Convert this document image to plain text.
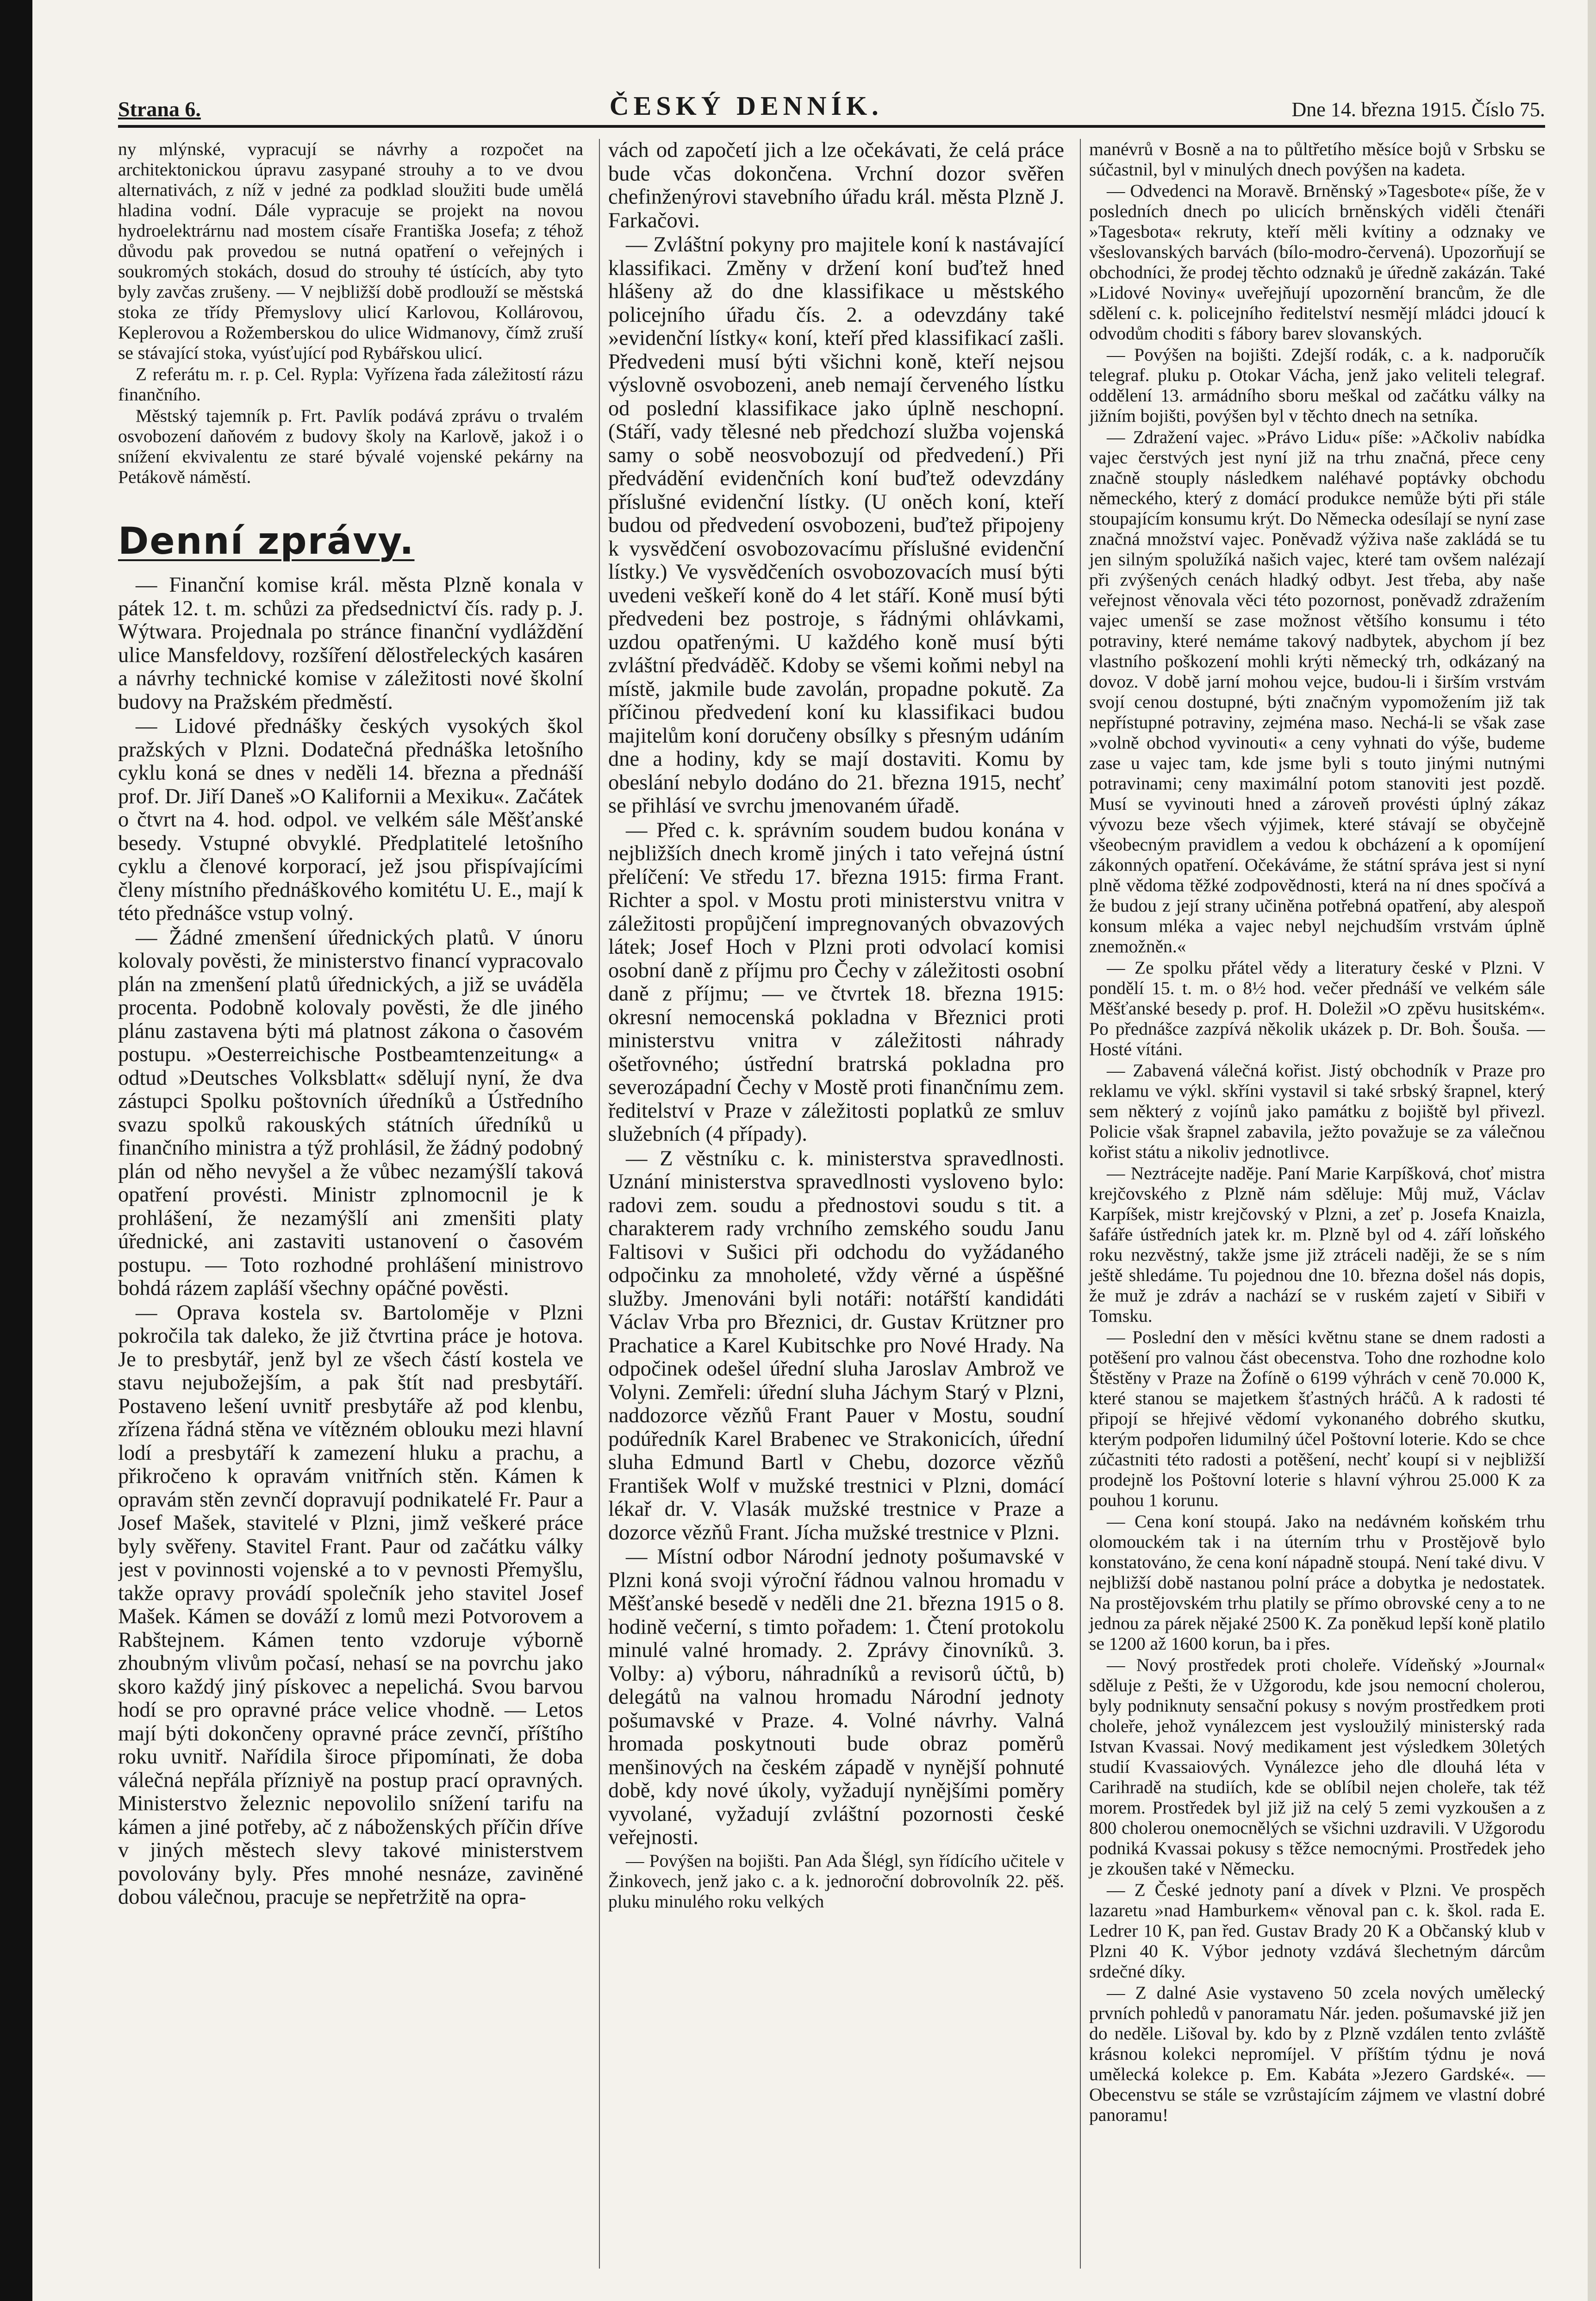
Strana 6.	ČESKÝ DENNÍK.	Dne 14. března 1915. Číslo 75.

ny mlýnské, vypracují se návrhy a rozpočet na architektonickou úpravu zasypané strouhy a to ve dvou alternativách, z níž v jedné za podklad sloužiti bude umělá hladina vodní. Dále vypracuje se projekt na novou hydroelektrárnu nad mostem císaře Františka Josefa; z téhož důvodu pak provedou se nutná opatření o veřejných i soukromých stokách, dosud do strouhy té ústících, aby tyto byly zavčas zrušeny. — V nejbližší době prodlouží se městská stoka ze třídy Přemyslovy ulicí Karlovou, Kollárovou, Keplerovou a Rožemberskou do ulice Widmanovy, čímž zruší se stávající stoka, vyúsťující pod Rybářskou ulicí.

Z referátu m. r. p. Cel. Rypla: Vyřízena řada záležitostí rázu finančního.

Městský tajemník p. Frt. Pavlík podává zprávu o trvalém osvobození daňovém z budovy školy na Karlově, jakož i o snížení ekvivalentu ze staré bývalé vojenské pekárny na Petákově náměstí.

Denní zprávy.

— Finanční komise král. města Plzně konala v pátek 12. t. m. schůzi za předsednictví čís. rady p. J. Wýtwara. Projednala po stránce finanční vydláždění ulice Mansfeldovy, rozšíření dělostřeleckých kasáren a návrhy technické komise v záležitosti nové školní budovy na Pražském předměstí.

— Lidové přednášky českých vysokých škol pražských v Plzni. Dodatečná přednáška letošního cyklu koná se dnes v neděli 14. března a přednáší prof. Dr. Jiří Daneš »O Kalifornii a Mexiku«. Začátek o čtvrt na 4. hod. odpol. ve velkém sále Měšťanské besedy. Vstupné obvyklé. Předplatitelé letošního cyklu a členové korporací, jež jsou přispívajícími členy místního přednáškového komitétu U. E., mají k této přednášce vstup volný.

— Žádné zmenšení úřednických platů. V únoru kolovaly pověsti, že ministerstvo financí vypracovalo plán na zmenšení platů úřednických, a již se uváděla procenta. Podobně kolovaly pověsti, že dle jiného plánu zastavena býti má platnost zákona o časovém postupu. »Oesterreichische Postbeamtenzeitung« a odtud »Deutsches Volksblatt« sdělují nyní, že dva zástupci Spolku poštovních úředníků a Ústředního svazu spolků rakouských státních úředníků u finančního ministra a týž prohlásil, že žádný podobný plán od něho nevyšel a že vůbec nezamýšlí taková opatření provésti. Ministr zplnomocnil je k prohlášení, že nezamýšlí ani zmenšiti platy úřednické, ani zastaviti ustanovení o časovém postupu. — Toto rozhodné prohlášení ministrovo bohdá rázem zapláší všechny opáčné pověsti.

— Oprava kostela sv. Bartoloměje v Plzni pokročila tak daleko, že již čtvrtina práce je hotova. Je to presbytář, jenž byl ze všech částí kostela ve stavu nejubožejším, a pak štít nad presbytáří. Postaveno lešení uvnitř presbytáře až pod klenbu, zřízena řádná stěna ve vítězném oblouku mezi hlavní lodí a presbytáří k zamezení hluku a prachu, a přikročeno k opravám vnitřních stěn. Kámen k opravám stěn zevnčí dopravují podnikatelé Fr. Paur a Josef Mašek, stavitelé v Plzni, jimž veškeré práce byly svěřeny. Stavitel Frant. Paur od začátku války jest v povinnosti vojenské a to v pevnosti Přemyšlu, takže opravy provádí společník jeho stavitel Josef Mašek. Kámen se dováží z lomů mezi Potvorovem a Rabštejnem. Kámen tento vzdoruje výborně zhoubným vlivům počasí, nehasí se na povrchu jako skoro každý jiný pískovec a nepelichá. Svou barvou hodí se pro opravné práce velice vhodně. — Letos mají býti dokončeny opravné práce zevnčí, příštího roku uvnitř. Nařídila široce připomínati, že doba válečná nepřála přízniyě na postup prací opravných. Ministerstvo železnic nepovolilo snížení tarifu na kámen a jiné potřeby, ač z náboženských příčin dříve v jiných městech slevy takové ministerstvem povolovány byly. Přes mnohé nesnáze, zaviněné dobou válečnou, pracuje se nepřetržitě na opra-

vách od započetí jich a lze očekávati, že celá práce bude včas dokončena. Vrchní dozor svěřen chefinženýrovi stavebního úřadu král. města Plzně J. Farkačovi.

— Zvláštní pokyny pro majitele koní k nastávající klassifikaci. Změny v držení koní buďtež hned hlášeny až do dne klassifikace u městského policejního úřadu čís. 2. a odevzdány také »evidenční lístky« koní, kteří před klassifikací zašli. Předvedeni musí býti všichni koně, kteří nejsou výslovně osvobozeni, aneb nemají červeného lístku od poslední klassifikace jako úplně neschopní. (Stáří, vady tělesné neb předchozí služba vojenská samy o sobě neosvobozují od předvedení.) Při předvádění evidenčních koní buďtež odevzdány příslušné evidenční lístky. (U oněch koní, kteří budou od předvedení osvobozeni, buďtež připojeny k vysvědčení osvobozovacímu příslušné evidenční lístky.) Ve vysvědčeních osvobozovacích musí býti uvedeni veškeří koně do 4 let stáří. Koně musí býti předvedeni bez postroje, s řádnými ohlávkami, uzdou opatřenými. U každého koně musí býti zvláštní předváděč. Kdoby se všemi koňmi nebyl na místě, jakmile bude zavolán, propadne pokutě. Za příčinou předvedení koní ku klassifikaci budou majitelům koní doručeny obsílky s přesným udáním dne a hodiny, kdy se mají dostaviti. Komu by obeslání nebylo dodáno do 21. března 1915, nechť se přihlásí ve svrchu jmenovaném úřadě.

— Před c. k. správním soudem budou konána v nejbližších dnech kromě jiných i tato veřejná ústní přelíčení: Ve středu 17. března 1915: firma Frant. Richter a spol. v Mostu proti ministerstvu vnitra v záležitosti propůjčení impregnovaných obvazových látek; Josef Hoch v Plzni proti odvolací komisi osobní daně z příjmu pro Čechy v záležitosti osobní daně z příjmu; — ve čtvrtek 18. března 1915: okresní nemocenská pokladna v Březnici proti ministerstvu vnitra v záležitosti náhrady ošetřovného; ústřední bratrská pokladna pro severozápadní Čechy v Mostě proti finančnímu zem. ředitelství v Praze v záležitosti poplatků ze smluv služebních (4 případy).

— Z věstníku c. k. ministerstva spravedlnosti. Uznání ministerstva spravedlnosti vysloveno bylo: radovi zem. soudu a přednostovi soudu s tit. a charakterem rady vrchního zemského soudu Janu Faltisovi v Sušici při odchodu do vyžádaného odpočinku za mnoholeté, vždy věrné a úspěšné služby. Jmenováni byli notáři: notářští kandidáti Václav Vrba pro Březnici, dr. Gustav Krützner pro Prachatice a Karel Kubitschke pro Nové Hrady. Na odpočinek odešel úřední sluha Jaroslav Ambrož ve Volyni. Zemřeli: úřední sluha Jáchym Starý v Plzni, naddozorce vězňů Frant Pauer v Mostu, soudní podúředník Karel Brabenec ve Strakonicích, úřední sluha Edmund Bartl v Chebu, dozorce vězňů František Wolf v mužské trestnici v Plzni, domácí lékař dr. V. Vlasák mužské trestnice v Praze a dozorce vězňů Frant. Jícha mužské trestnice v Plzni.

— Místní odbor Národní jednoty pošumavské v Plzni koná svoji výroční řádnou valnou hromadu v Měšťanské besedě v neděli dne 21. března 1915 o 8. hodině večerní, s timto pořadem: 1. Čtení protokolu minulé valné hromady. 2. Zprávy činovníků. 3. Volby: a) výboru, náhradníků a revisorů účtů, b) delegátů na valnou hromadu Národní jednoty pošumavské v Praze. 4. Volné návrhy. Valná hromada poskytnouti bude obraz poměrů menšinových na českém západě v nynější pohnuté době, kdy nové úkoly, vyžadují nynějšími poměry vyvolané, vyžadují zvláštní pozornosti české veřejnosti.

— Povýšen na bojišti. Pan Ada Šlégl, syn řídícího učitele v Žinkovech, jenž jako c. a k. jednoroční dobrovolník 22. pěš. pluku minulého roku velkých

manévrů v Bosně a na to půltřetího měsíce bojů v Srbsku se súčastnil, byl v minulých dnech povýšen na kadeta.

— Odvedenci na Moravě. Brněnský »Tagesbote« píše, že v posledních dnech po ulicích brněnských viděli čtenáři »Tagesbota« rekruty, kteří měli kvítiny a odznaky ve všeslovanských barvách (bílo-modro-červená). Upozorňují se obchodníci, že prodej těchto odznaků je úředně zakázán. Také »Lidové Noviny« uveřejňují upozornění brancům, že dle sdělení c. k. policejního ředitelství nesmějí mládci jdoucí k odvodům choditi s fábory barev slovanských.

— Povýšen na bojišti. Zdejší rodák, c. a k. nadporučík telegraf. pluku p. Otokar Vácha, jenž jako veliteli telegraf. oddělení 13. armádního sboru meškal od začátku války na jižním bojišti, povýšen byl v těchto dnech na setníka.

— Zdražení vajec. »Právo Lidu« píše: »Ačkoliv nabídka vajec čerstvých jest nyní již na trhu značná, přece ceny značně stouply následkem naléhavé poptávky obchodu německého, který z domácí produkce nemůže býti při stále stoupajícím konsumu krýt. Do Německa odesílají se nyní zase značná množství vajec. Poněvadž výživa naše zakládá se tu jen silným spolužíká našich vajec, které tam ovšem nalézají při zvýšených cenách hladký odbyt. Jest třeba, aby naše veřejnost věnovala věci této pozornost, poněvadž zdražením vajec umenší se zase možnost většího konsumu i této potraviny, které nemáme takový nadbytek, abychom jí bez vlastního poškození mohli krýti německý trh, odkázaný na dovoz. V době jarní mohou vejce, budou-li i širším vrstvám svojí cenou dostupné, býti značným vypomožením již tak nepřístupné potraviny, zejména maso. Nechá-li se však zase »volně obchod vyvinouti« a ceny vyhnati do výše, budeme zase u vajec tam, kde jsme byli s touto jinými nutnými potravinami; ceny maximální potom stanoviti jest pozdě. Musí se vyvinouti hned a zároveň provésti úplný zákaz vývozu beze všech výjimek, které stávají se obyčejně všeobecným pravidlem a vedou k obcházení a k opomíjení zákonných opatření. Očekáváme, že státní správa jest si nyní plně vědoma těžké zodpovědnosti, která na ní dnes spočívá a že budou z její strany učiněna potřebná opatření, aby alespoň konsum mléka a vajec nebyl nejchudším vrstvám úplně znemožněn.«

— Ze spolku přátel vědy a literatury české v Plzni. V pondělí 15. t. m. o 8½ hod. večer přednáší ve velkém sále Měšťanské besedy p. prof. H. Doležil »O zpěvu husitském«. Po přednášce zazpívá několik ukázek p. Dr. Boh. Šouša. — Hosté vítáni.

— Zabavená válečná kořist. Jistý obchodník v Praze pro reklamu ve výkl. skříni vystavil si také srbský šrapnel, který sem některý z vojínů jako památku z bojiště byl přivezl. Policie však šrapnel zabavila, ježto považuje se za válečnou kořist státu a nikoliv jednotlivce.

— Neztrácejte naděje. Paní Marie Karpíšková, choť mistra krejčovského z Plzně nám sděluje: Můj muž, Václav Karpíšek, mistr krejčovský v Plzni, a zeť p. Josefa Knaizla, šafáře ústředních jatek kr. m. Plzně byl od 4. září loňského roku nezvěstný, takže jsme již ztráceli naději, že se s ním ještě shledáme. Tu pojednou dne 10. března došel nás dopis, že muž je zdráv a nachází se v ruském zajetí v Sibiři v Tomsku.

— Poslední den v měsíci květnu stane se dnem radosti a potěšení pro valnou část obecenstva. Toho dne rozhodne kolo Štěstěny v Praze na Žofíně o 6199 výhrách v ceně 70.000 K, které stanou se majetkem šťastných hráčů. A k radosti té připojí se hřejivé vědomí vykonaného dobrého skutku, kterým podpořen lidumilný účel Poštovní loterie. Kdo se chce zúčastniti této radosti a potěšení, nechť koupí si v nejbližší prodejně los Poštovní loterie s hlavní výhrou 25.000 K za pouhou 1 korunu.

— Cena koní stoupá. Jako na nedávném koňském trhu olomouckém tak i na úterním trhu v Prostějově bylo konstatováno, že cena koní nápadně stoupá. Není také divu. V nejbližší době nastanou polní práce a dobytka je nedostatek. Na prostějovském trhu platily se přímo obrovské ceny a to ne jednou za párek nějaké 2500 K. Za poněkud lepší koně platilo se 1200 až 1600 korun, ba i přes.

— Nový prostředek proti choleře. Vídeňský »Journal« sděluje z Pešti, že v Užgorodu, kde jsou nemocní cholerou, byly podniknuty sensační pokusy s novým prostředkem proti choleře, jehož vynálezcem jest vysloužilý ministerský rada Istvan Kvassai. Nový medikament jest výsledkem 30letých studií Kvassaiových. Vynálezce jeho dle dlouhá léta v Carihradě na studiích, kde se oblíbil nejen choleře, tak též morem. Prostředek byl již již na celý 5 zemi vyzkoušen a z 800 cholerou onemocnělých se všichni uzdravili. V Užgorodu podniká Kvassai pokusy s těžce nemocnými. Prostředek jeho je zkoušen také v Německu.

— Z České jednoty paní a dívek v Plzni. Ve prospěch lazaretu »nad Hamburkem« věnoval pan c. k. škol. rada E. Ledrer 10 K, pan řed. Gustav Brady 20 K a Občanský klub v Plzni 40 K. Výbor jednoty vzdává šlechetným dárcům srdečné díky.

— Z dalné Asie vystaveno 50 zcela nových umělecký prvních pohledů v panoramatu Nár. jeden. pošumavské již jen do neděle. Lišoval by. kdo by z Plzně vzdálen tento zvláště krásnou kolekci nepromíjel. V příštím týdnu je nová umělecká kolekce p. Em. Kabáta »Jezero Gardské«. — Obecenstvu se stále se vzrůstajícím zájmem ve vlastní dobré panoramu!
